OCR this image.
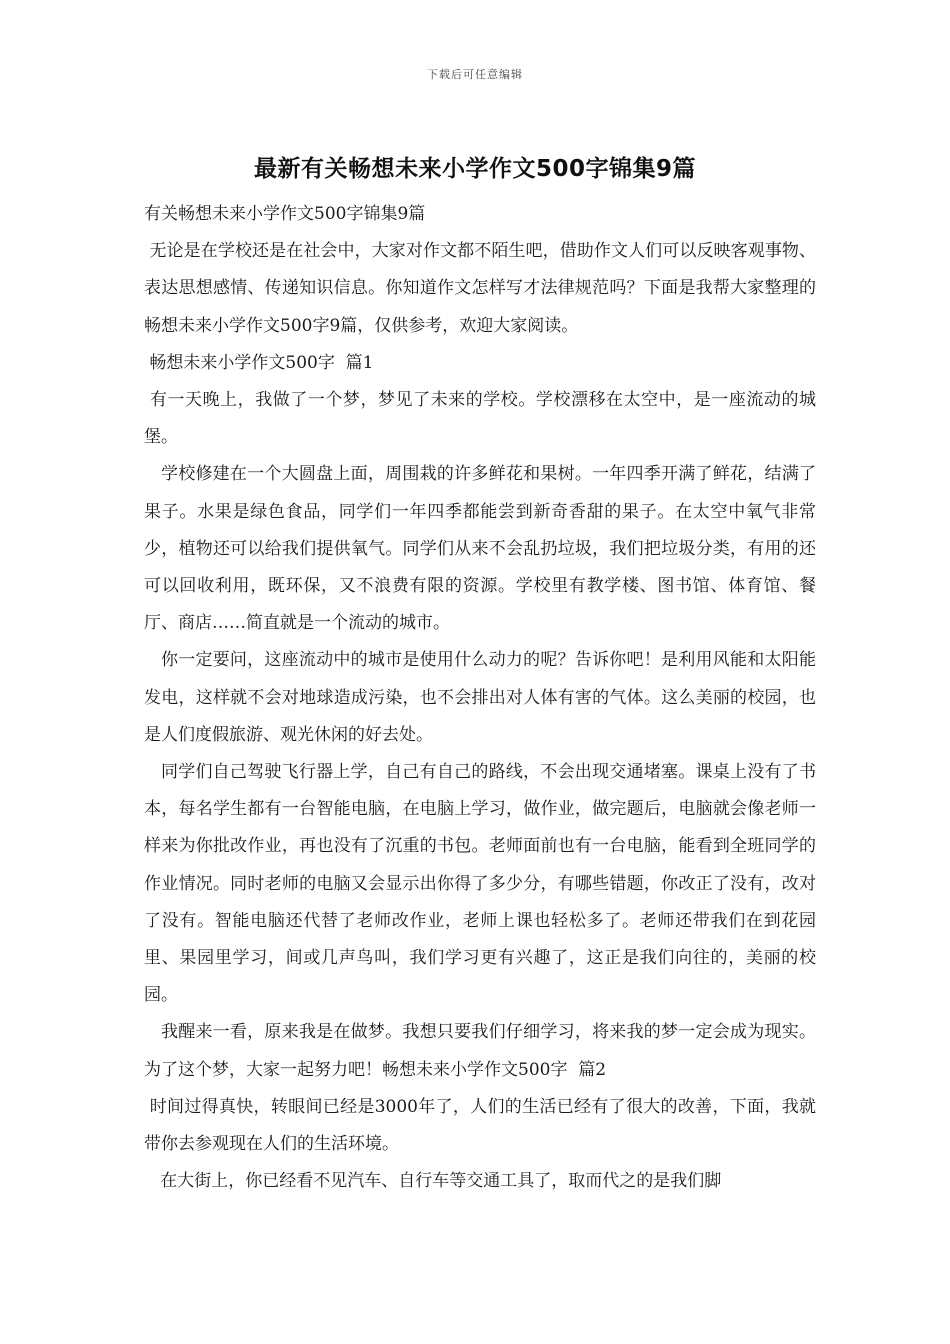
下载后可任意编辑
最新有关畅想未来小学作文500字锦集9篇

有关畅想未来小学作文500字锦集9篇

无论是在学校还是在社会中，大家对作文都不陌生吧，借助作文人们可以反映客观事物、表达思想感情、传递知识信息。你知道作文怎样写才法律规范吗？下面是我帮大家整理的畅想未来小学作文500字9篇，仅供参考，欢迎大家阅读。

畅想未来小学作文500字  篇1

有一天晚上，我做了一个梦，梦见了未来的学校。学校漂移在太空中，是一座流动的城堡。

学校修建在一个大圆盘上面，周围栽的许多鲜花和果树。一年四季开满了鲜花，结满了果子。水果是绿色食品，同学们一年四季都能尝到新奇香甜的果子。在太空中氧气非常少，植物还可以给我们提供氧气。同学们从来不会乱扔垃圾，我们把垃圾分类，有用的还可以回收利用，既环保，又不浪费有限的资源。学校里有教学楼、图书馆、体育馆、餐厅、商店……简直就是一个流动的城市。

你一定要问，这座流动中的城市是使用什么动力的呢？告诉你吧！是利用风能和太阳能发电，这样就不会对地球造成污染，也不会排出对人体有害的气体。这么美丽的校园，也是人们度假旅游、观光休闲的好去处。

同学们自己驾驶飞行器上学，自己有自己的路线，不会出现交通堵塞。课桌上没有了书本，每名学生都有一台智能电脑，在电脑上学习，做作业，做完题后，电脑就会像老师一样来为你批改作业，再也没有了沉重的书包。老师面前也有一台电脑，能看到全班同学的作业情况。同时老师的电脑又会显示出你得了多少分，有哪些错题，你改正了没有，改对了没有。智能电脑还代替了老师改作业，老师上课也轻松多了。老师还带我们在到花园里、果园里学习，间或几声鸟叫，我们学习更有兴趣了，这正是我们向往的，美丽的校园。

我醒来一看，原来我是在做梦。我想只要我们仔细学习，将来我的梦一定会成为现实。为了这个梦，大家一起努力吧！畅想未来小学作文500字  篇2

时间过得真快，转眼间已经是3000年了，人们的生活已经有了很大的改善，下面，我就带你去参观现在人们的生活环境。

在大街上，你已经看不见汽车、自行车等交通工具了，取而代之的是我们脚
